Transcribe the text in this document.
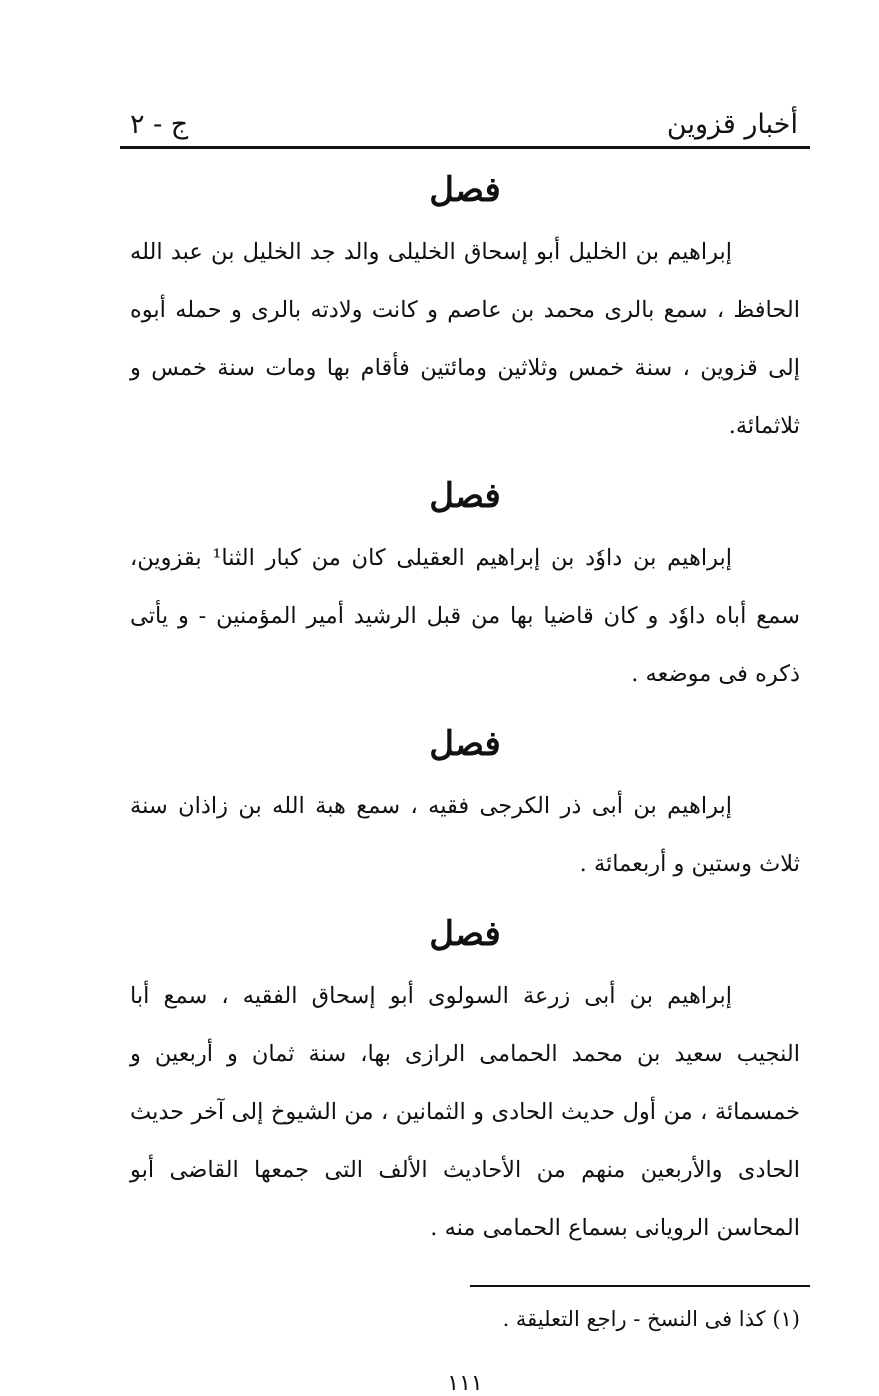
أخبار قزوين
ج - ٢
فصل

إبراهيم بن الخليل أبو إسحاق الخليلى والد جد الخليل بن عبد الله الحافظ ، سمع بالرى محمد بن عاصم و كانت ولادته بالرى و حمله أبوه إلى قزوين ، سنة خمس وثلاثين ومائتين فأقام بها ومات سنة خمس و ثلاثمائة.

فصل

إبراهيم بن داوٗد بن إبراهيم العقيلى كان من كبار الثنا¹ بقزوين، سمع أباه داوٗد و كان قاضيا بها من قبل الرشيد أمير المؤمنين - و يأتى ذكره فى موضعه .

فصل

إبراهيم بن أبى ذر الكرجى فقيه ، سمع هبة الله بن زاذان سنة ثلاث وستين و أربعمائة .

فصل

إبراهيم بن أبى زرعة السولوى أبو إسحاق الفقيه ، سمع أبا النجيب سعيد بن محمد الحمامى الرازى بها، سنة ثمان و أربعين و خمسمائة ، من أول حديث الحادى و الثمانين ، من الشيوخ إلى آخر حديث الحادى والأربعين منهم من الأحاديث الألف التى جمعها القاضى أبو المحاسن الرويانى بسماع الحمامى منه .

(١) كذا فى النسخ - راجع التعليقة .
١١١
